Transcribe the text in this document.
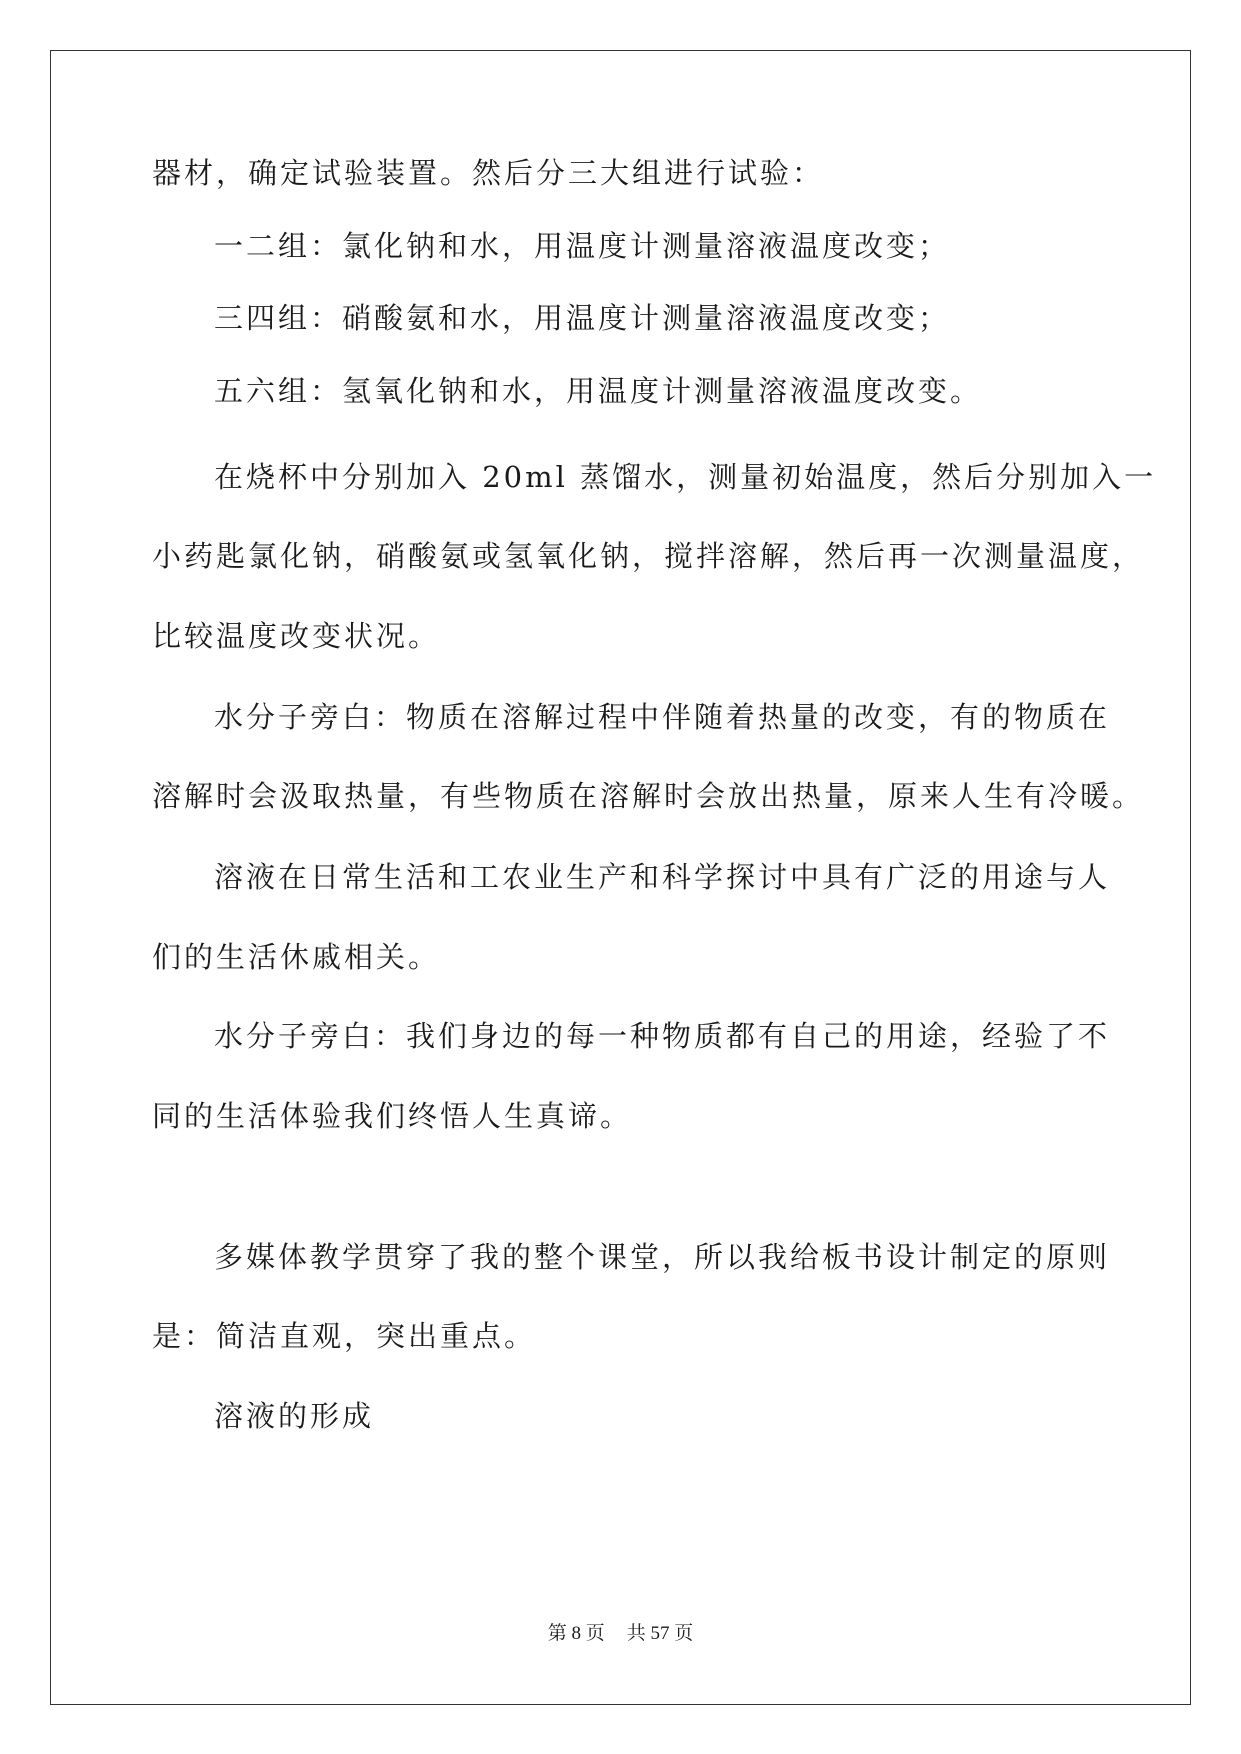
器材，确定试验装置。然后分三大组进行试验：
一二组：氯化钠和水，用温度计测量溶液温度改变；
三四组：硝酸氨和水，用温度计测量溶液温度改变；
五六组：氢氧化钠和水，用温度计测量溶液温度改变。
在烧杯中分别加入 20ml 蒸馏水，测量初始温度，然后分别加入一
小药匙氯化钠，硝酸氨或氢氧化钠，搅拌溶解，然后再一次测量温度，
比较温度改变状况。
水分子旁白：物质在溶解过程中伴随着热量的改变，有的物质在
溶解时会汲取热量，有些物质在溶解时会放出热量，原来人生有冷暖。
溶液在日常生活和工农业生产和科学探讨中具有广泛的用途与人
们的生活休戚相关。
水分子旁白：我们身边的每一种物质都有自己的用途，经验了不
同的生活体验我们终悟人生真谛。
多媒体教学贯穿了我的整个课堂，所以我给板书设计制定的原则
是：简洁直观，突出重点。
溶液的形成
第 8 页 共 57 页
